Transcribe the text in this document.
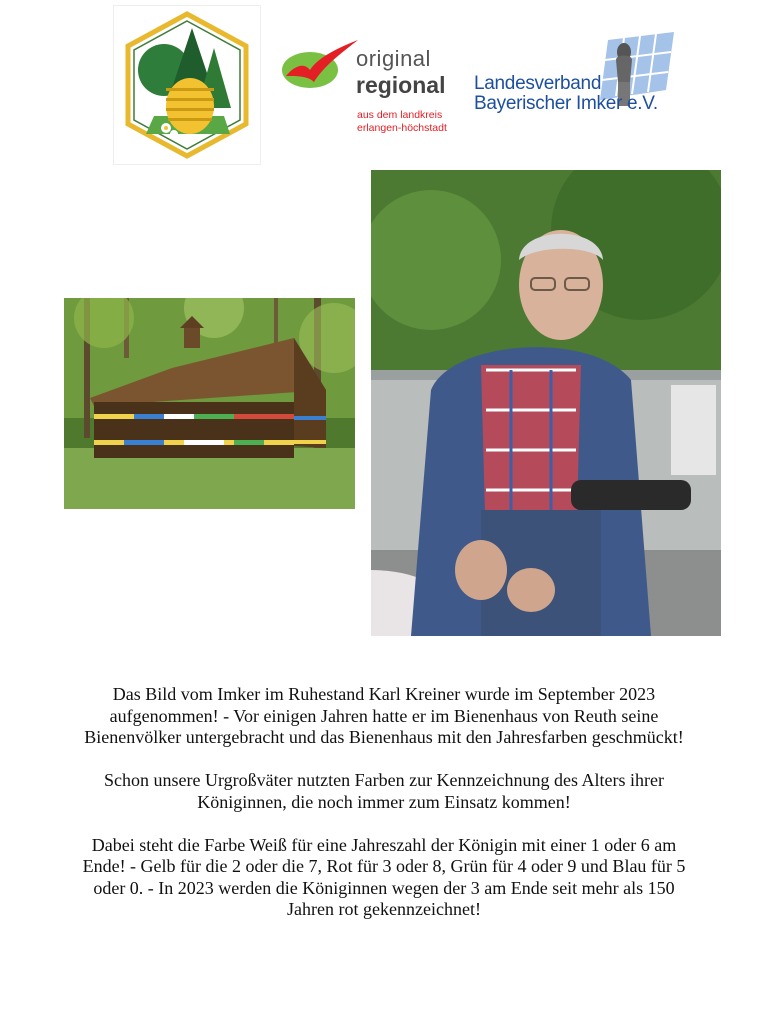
original
regional
aus dem landkreis
erlangen-höchstadt
Landesverband
Bayerischer Imker e.V.

Das Bild vom Imker im Ruhestand Karl Kreiner wurde im September 2023
aufgenommen! - Vor einigen Jahren hatte er im Bienenhaus von Reuth seine
Bienenvölker untergebracht und das Bienenhaus mit den Jahresfarben geschmückt!

Schon unsere Urgroßväter nutzten Farben zur Kennzeichnung des Alters ihrer
Königinnen, die noch immer zum Einsatz kommen!

Dabei steht die Farbe Weiß für eine Jahreszahl der Königin mit einer 1 oder 6 am
Ende! - Gelb für die 2 oder die 7, Rot für 3 oder 8, Grün für 4 oder 9 und Blau für 5
oder 0. - In 2023 werden die Königinnen wegen der 3 am Ende seit mehr als 150
Jahren rot gekennzeichnet!
